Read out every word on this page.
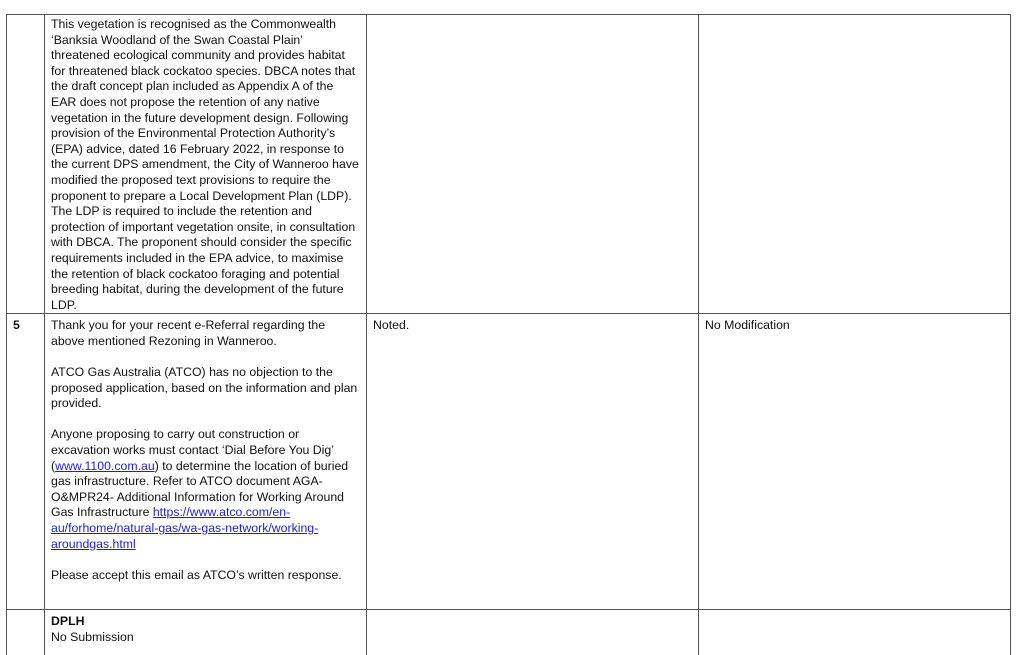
	This vegetation is recognised as the Commonwealth ‘Banksia Woodland of the Swan Coastal Plain’ threatened ecological community and provides habitat for threatened black cockatoo species. DBCA notes that the draft concept plan included as Appendix A of the EAR does not propose the retention of any native vegetation in the future development design. Following provision of the Environmental Protection Authority’s (EPA) advice, dated 16 February 2022, in response to the current DPS amendment, the City of Wanneroo have modified the proposed text provisions to require the proponent to prepare a Local Development Plan (LDP). The LDP is required to include the retention and protection of important vegetation onsite, in consultation with DBCA. The proponent should consider the specific requirements included in the EPA advice, to maximise the retention of black cockatoo foraging and potential breeding habitat, during the development of the future LDP.		

5	Thank you for your recent e-Referral regarding the above mentioned Rezoning in Wanneroo.

ATCO Gas Australia (ATCO) has no objection to the proposed application, based on the information and plan provided.

Anyone proposing to carry out construction or excavation works must contact ‘Dial Before You Dig’ (www.1100.com.au) to determine the location of buried gas infrastructure. Refer to ATCO document AGA-O&MPR24- Additional Information for Working Around Gas Infrastructure https://www.atco.com/en-au/forhome/natural-gas/wa-gas-network/working-aroundgas.html

Please accept this email as ATCO’s written response.	Noted.	No Modification

	DPLH

No Submission		
